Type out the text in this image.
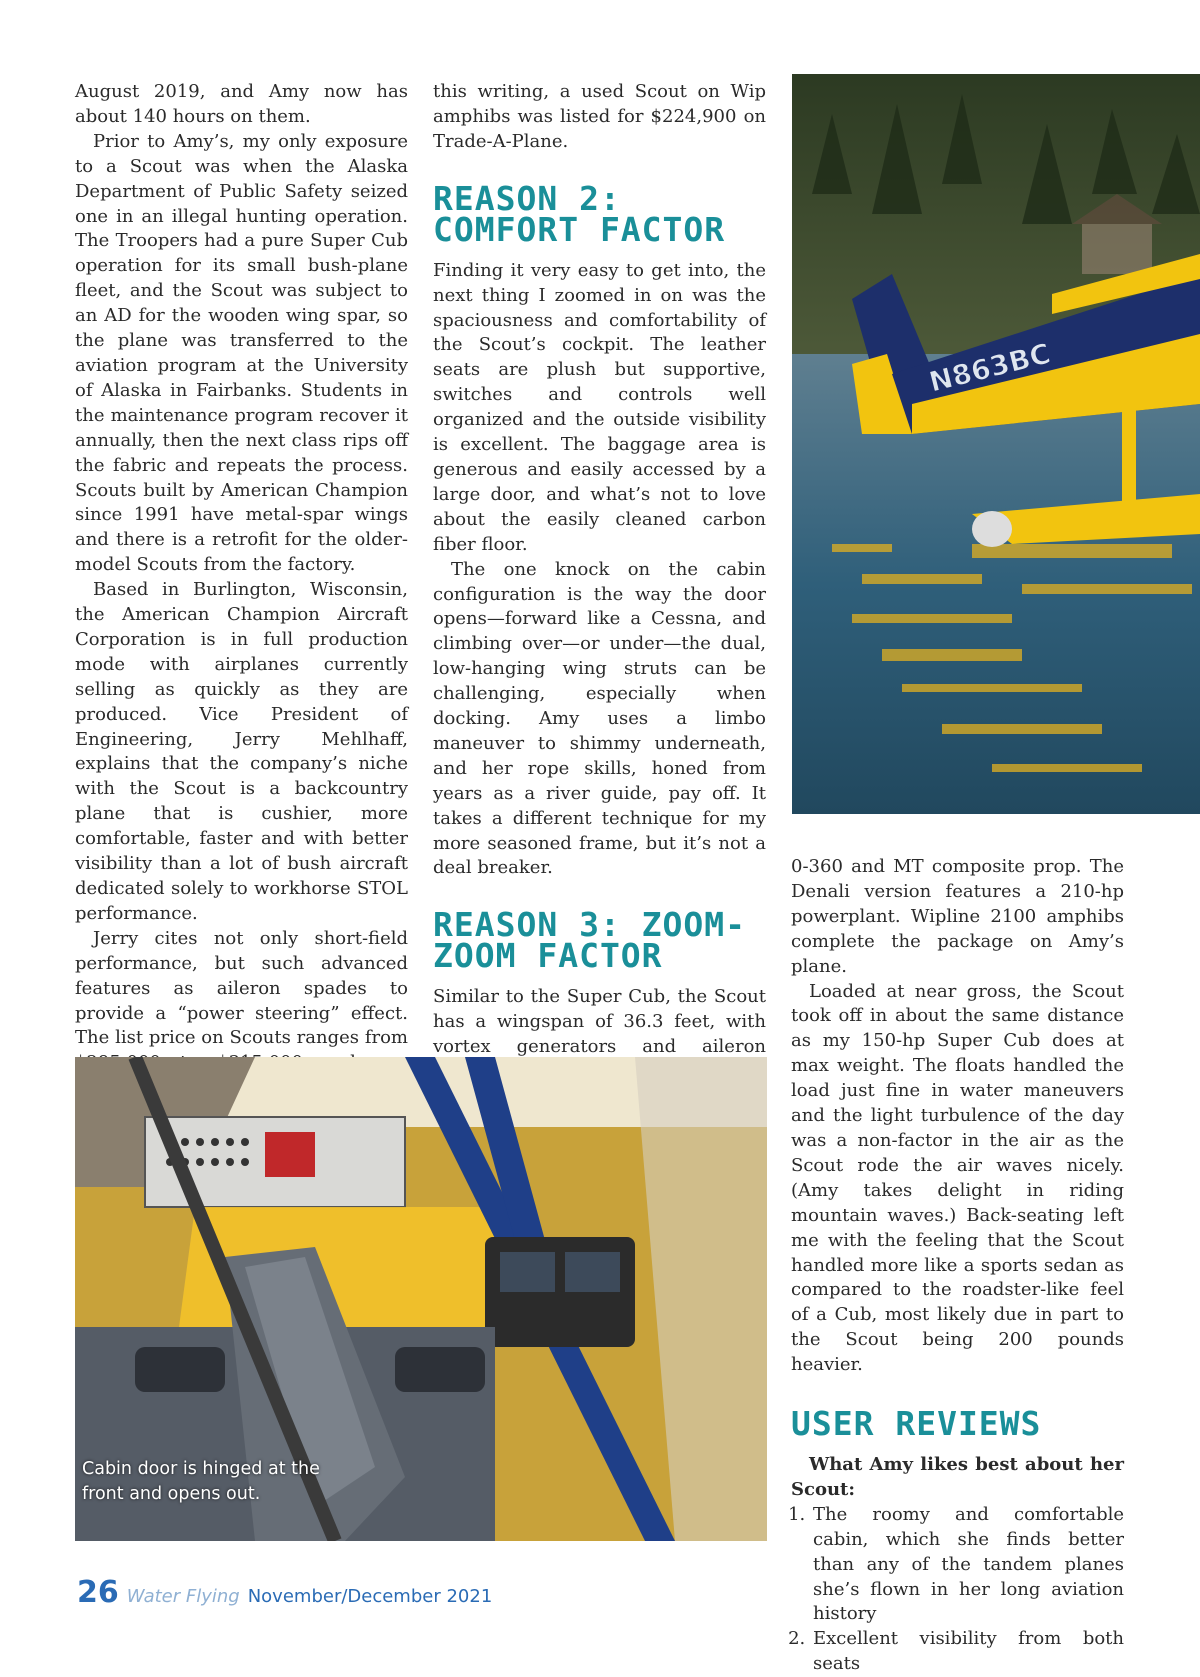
August 2019, and Amy now has about 140 hours on them.

Prior to Amy’s, my only exposure to a Scout was when the Alaska Department of Public Safety seized one in an illegal hunting operation. The Troopers had a pure Super Cub operation for its small bush-plane fleet, and the Scout was subject to an AD for the wooden wing spar, so the plane was transferred to the aviation program at the University of Alaska in Fairbanks. Students in the maintenance program recover it annually, then the next class rips off the fabric and repeats the process. Scouts built by American Champion since 1991 have metal-spar wings and there is a retrofit for the older-model Scouts from the factory.

Based in Burlington, Wisconsin, the American Champion Aircraft Corporation is in full production mode with airplanes currently selling as quickly as they are produced. Vice President of Engineering, Jerry Mehlhaff, explains that the company’s niche with the Scout is a backcountry plane that is cushier, more comfortable, faster and with better visibility than a lot of bush aircraft dedicated solely to workhorse STOL performance.

Jerry cites not only short-field performance, but such advanced features as aileron spades to provide a “power steering” effect. The list price on Scouts ranges from

this writing, a used Scout on Wip amphibs was listed for $224,900 on Trade-A-Plane.

REASON 2: COMFORT FACTOR

Finding it very easy to get into, the next thing I zoomed in on was the spaciousness and comfortability of the Scout’s cockpit. The leather seats are plush but supportive, switches and controls well organized and the outside visibility is excellent. The baggage area is generous and easily accessed by a large door, and what’s not to love about the easily cleaned carbon fiber floor.

The one knock on the cabin configuration is the way the door opens—forward like a Cessna, and climbing over—or under—the dual, low-hanging wing struts can be challenging, especially when docking. Amy uses a limbo maneuver to shimmy underneath, and her rope skills, honed from years as a river guide, pay off. It takes a different technique for my more seasoned frame, but it’s not a deal breaker.

REASON 3: ZOOM-ZOOM FACTOR

Similar to the Super Cub, the Scout has a wingspan of 36.3 feet, with vortex generators and aileron

0-360 and MT composite prop. The Denali version features a 210-hp powerplant. Wipline 2100 amphibs complete the package on Amy’s plane.

Loaded at near gross, the Scout took off in about the same distance as my 150-hp Super Cub does at max weight. The floats handled the load just fine in water maneuvers and the light turbulence of the day was a non-factor in the air as the Scout rode the air waves nicely. (Amy takes delight in riding mountain waves.) Back-seating left me with the feeling that the Scout handled more like a sports sedan as compared to the roadster-like feel of a Cub, most likely due in part to the Scout being 200 pounds heavier.

USER REVIEWS

What Amy likes best about her Scout:

1. The roomy and comfortable cabin, which she finds better than any of the tandem planes she’s flown in her long aviation history
2. Excellent visibility from both seats
N863BC
Cabin door is hinged at the front and opens out.
26 Water Flying November/December 2021
